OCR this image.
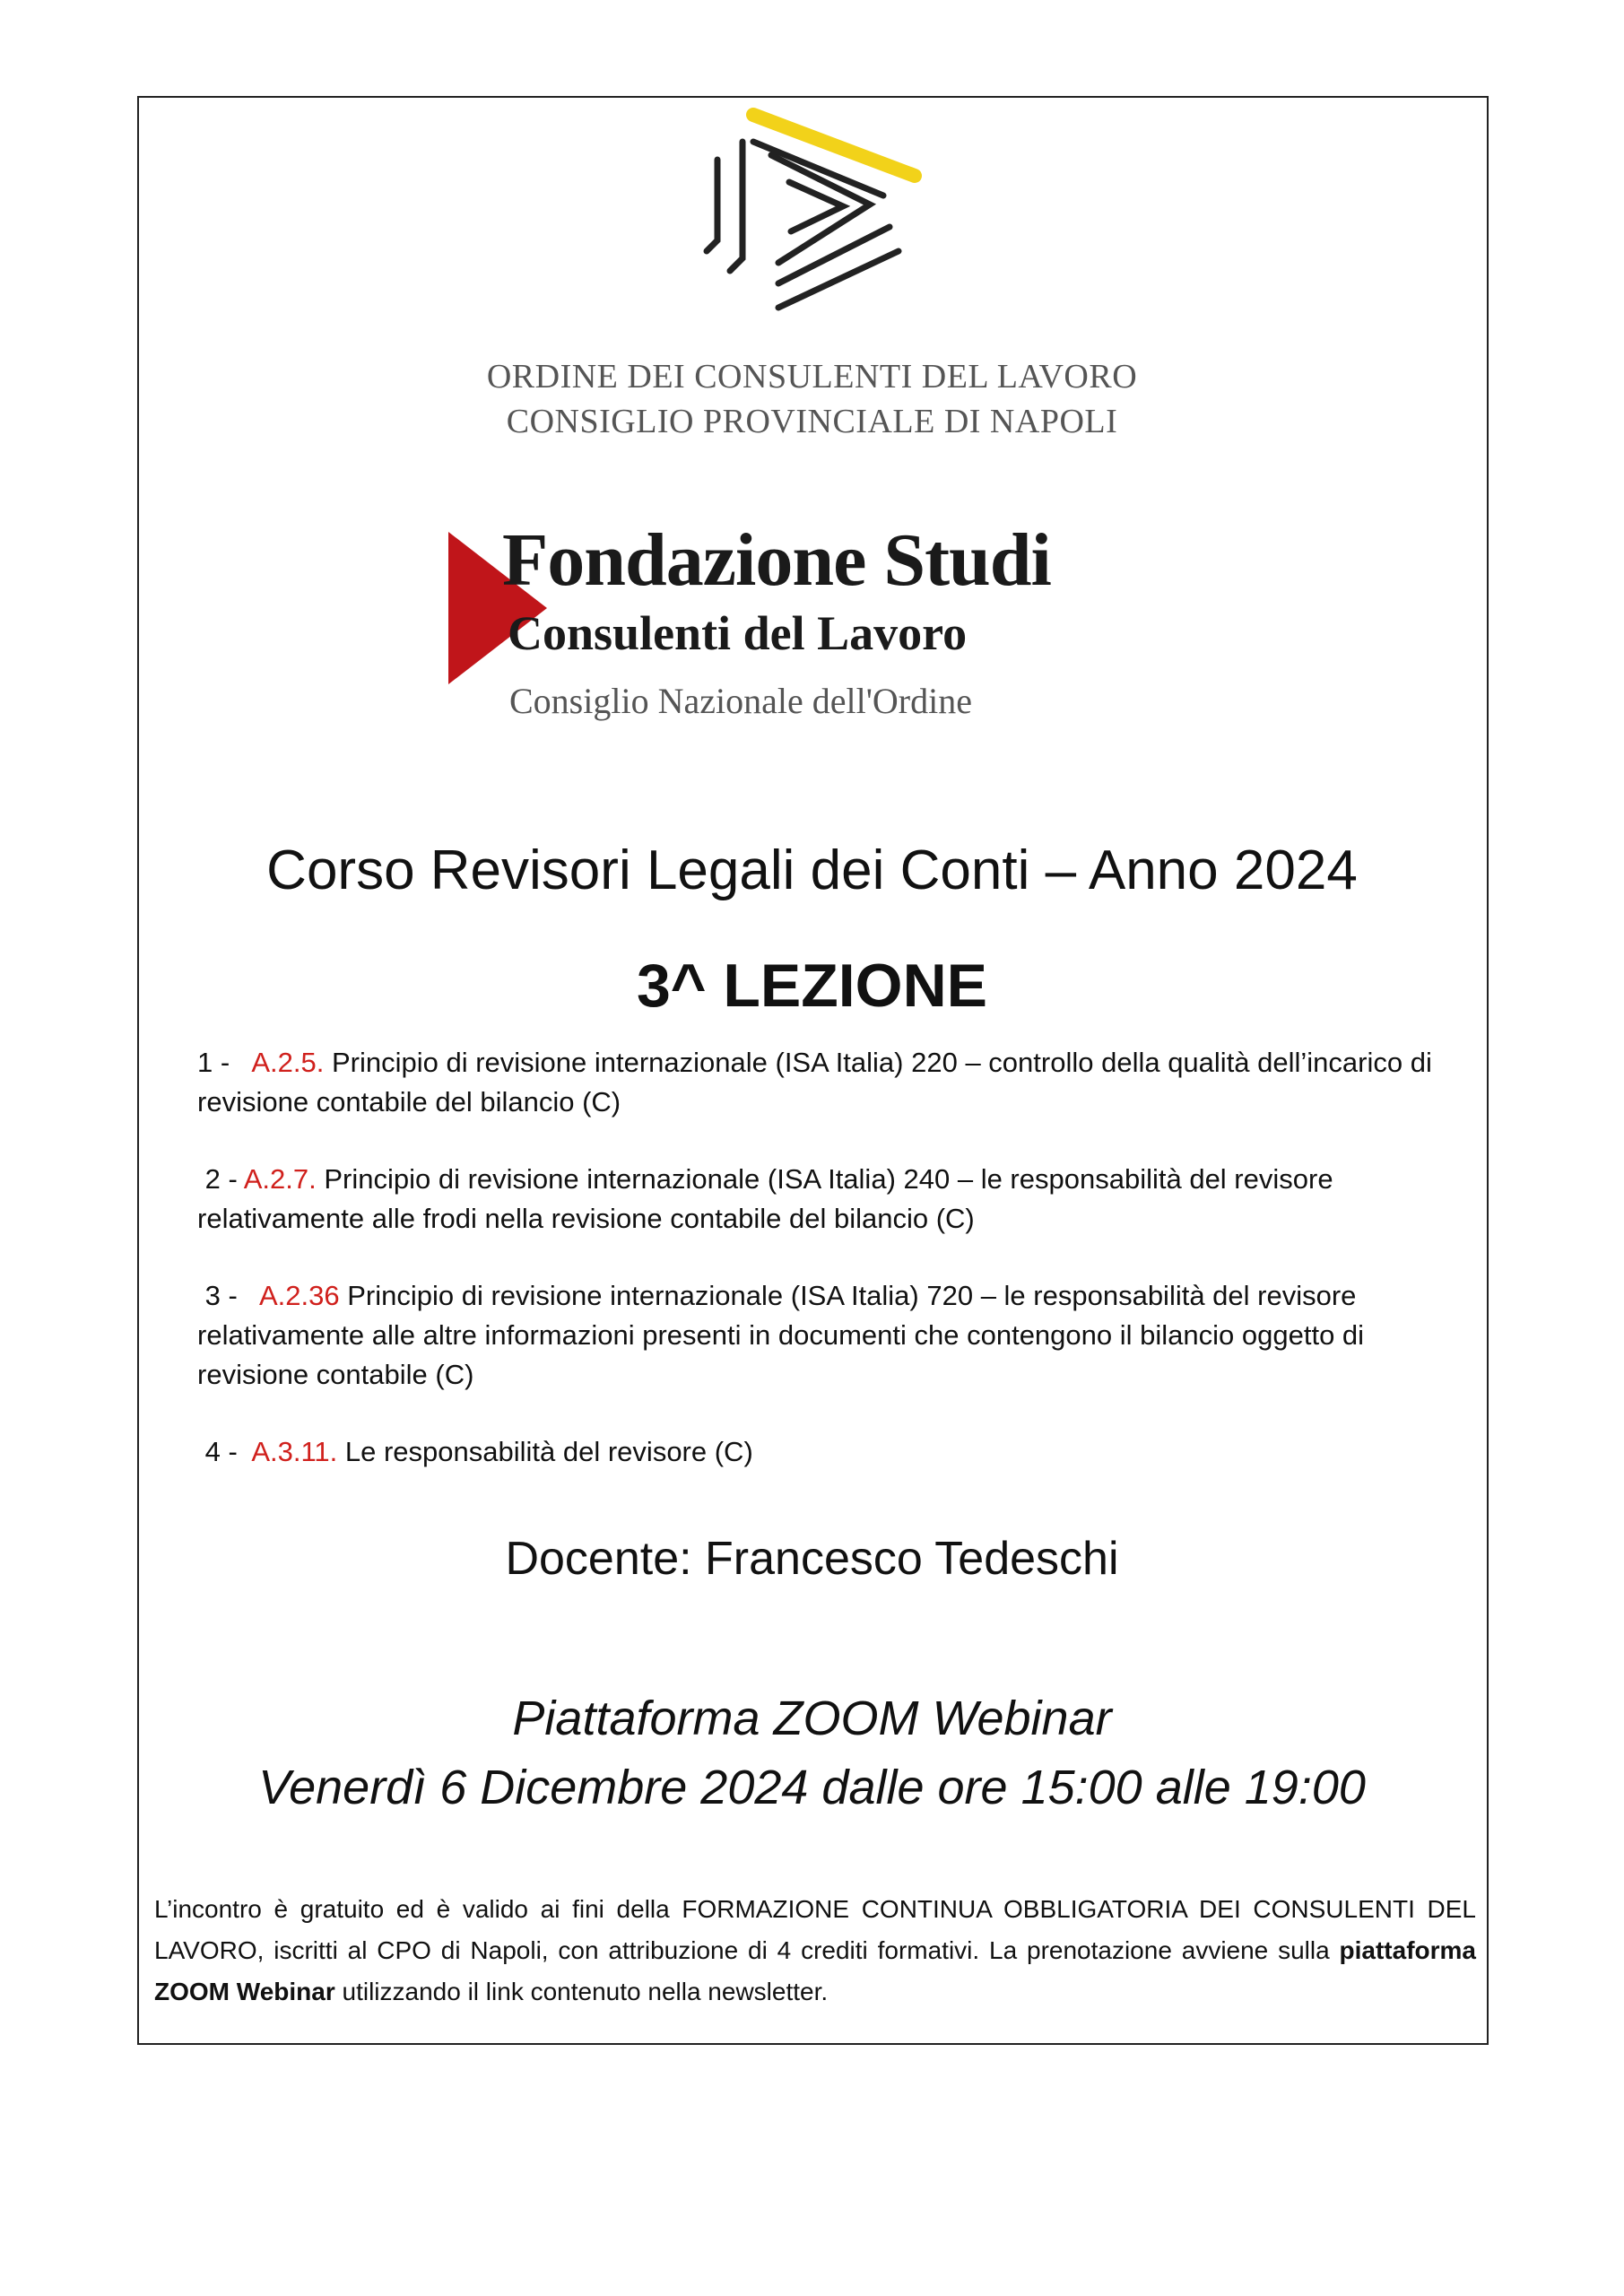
ORDINE DEI CONSULENTI DEL LAVORO
CONSIGLIO PROVINCIALE DI NAPOLI
Fondazione Studi
Consulenti del Lavoro
Consiglio Nazionale dell'Ordine
Corso Revisori Legali dei Conti – Anno 2024
3^ LEZIONE
1 - A.2.5. Principio di revisione internazionale (ISA Italia) 220 – controllo della qualità dell’incarico di revisione contabile del bilancio (C)
2 - A.2.7. Principio di revisione internazionale (ISA Italia) 240 – le responsabilità del revisore relativamente alle frodi nella revisione contabile del bilancio (C)
3 - A.2.36 Principio di revisione internazionale (ISA Italia) 720 – le responsabilità del revisore relativamente alle altre informazioni presenti in documenti che contengono il bilancio oggetto di revisione contabile (C)
4 - A.3.11. Le responsabilità del revisore (C)
Docente: Francesco Tedeschi
Piattaforma ZOOM Webinar
Venerdì 6 Dicembre 2024 dalle ore 15:00 alle 19:00
L’incontro è gratuito ed è valido ai fini della FORMAZIONE CONTINUA OBBLIGATORIA DEI CONSULENTI DEL LAVORO, iscritti al CPO di Napoli, con attribuzione di 4 crediti formativi. La prenotazione avviene sulla piattaforma ZOOM Webinar utilizzando il link contenuto nella newsletter.
